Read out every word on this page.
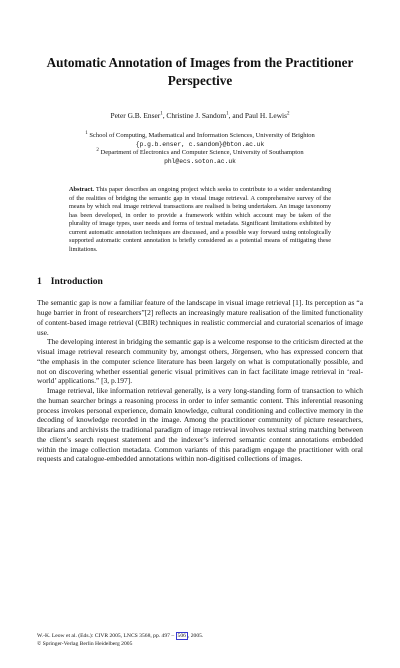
Automatic Annotation of Images from the Practitioner
Perspective
Peter G.B. Enser$^1$, Christine J. Sandom$^1$, and Paul H. Lewis$^2$
$^1$ School of Computing, Mathematical and Information Sciences, University of Brighton
{p.g.b.enser, c.sandom}@bton.ac.uk
$^2$ Department of Electronics and Computer Science, University of Southampton
phl@ecs.soton.ac.uk
Abstract. This paper describes an ongoing project which seeks to contribute to a wider understanding of the realities of bridging the semantic gap in visual image retrieval. A comprehensive survey of the means by which real image retrieval transactions are realised is being undertaken. An image taxonomy has been developed, in order to provide a framework within which account may be taken of the plurality of image types, user needs and forms of textual metadata. Significant limitations exhibited by current automatic annotation techniques are discussed, and a possible way forward using ontologically supported automatic content annotation is briefly considered as a potential means of mitigating these limitations.
1 Introduction

The semantic gap is now a familiar feature of the landscape in visual image retrieval [1]. Its perception as “a huge barrier in front of researchers”[2] reflects an increasingly mature realisation of the limited functionality of content-based image retrieval (CBIR) techniques in realistic commercial and curatorial scenarios of image use.

The developing interest in bridging the semantic gap is a welcome response to the criticism directed at the visual image retrieval research community by, amongst others, Jörgensen, who has expressed concern that “the emphasis in the computer science literature has been largely on what is computationally possible, and not on discovering whether essential generic visual primitives can in fact facilitate image retrieval in ‘real-world’ applications.” [3, p.197].

Image retrieval, like information retrieval generally, is a very long-standing form of transaction to which the human searcher brings a reasoning process in order to infer semantic content. This inferential reasoning process invokes personal experience, domain knowledge, cultural conditioning and collective memory in the decoding of knowledge recorded in the image. Among the practitioner community of picture researchers, librarians and archivists the traditional paradigm of image retrieval involves textual string matching between the client’s search request statement and the indexer’s inferred semantic content annotations embedded within the image collection metadata. Common variants of this paradigm engage the practitioner with oral requests and catalogue-embedded annotations within non-digitised collections of images.

W.-K. Leow et al. (Eds.): CIVR 2005, LNCS 3568, pp. 497 – 506 , 2005.
© Springer-Verlag Berlin Heidelberg 2005
